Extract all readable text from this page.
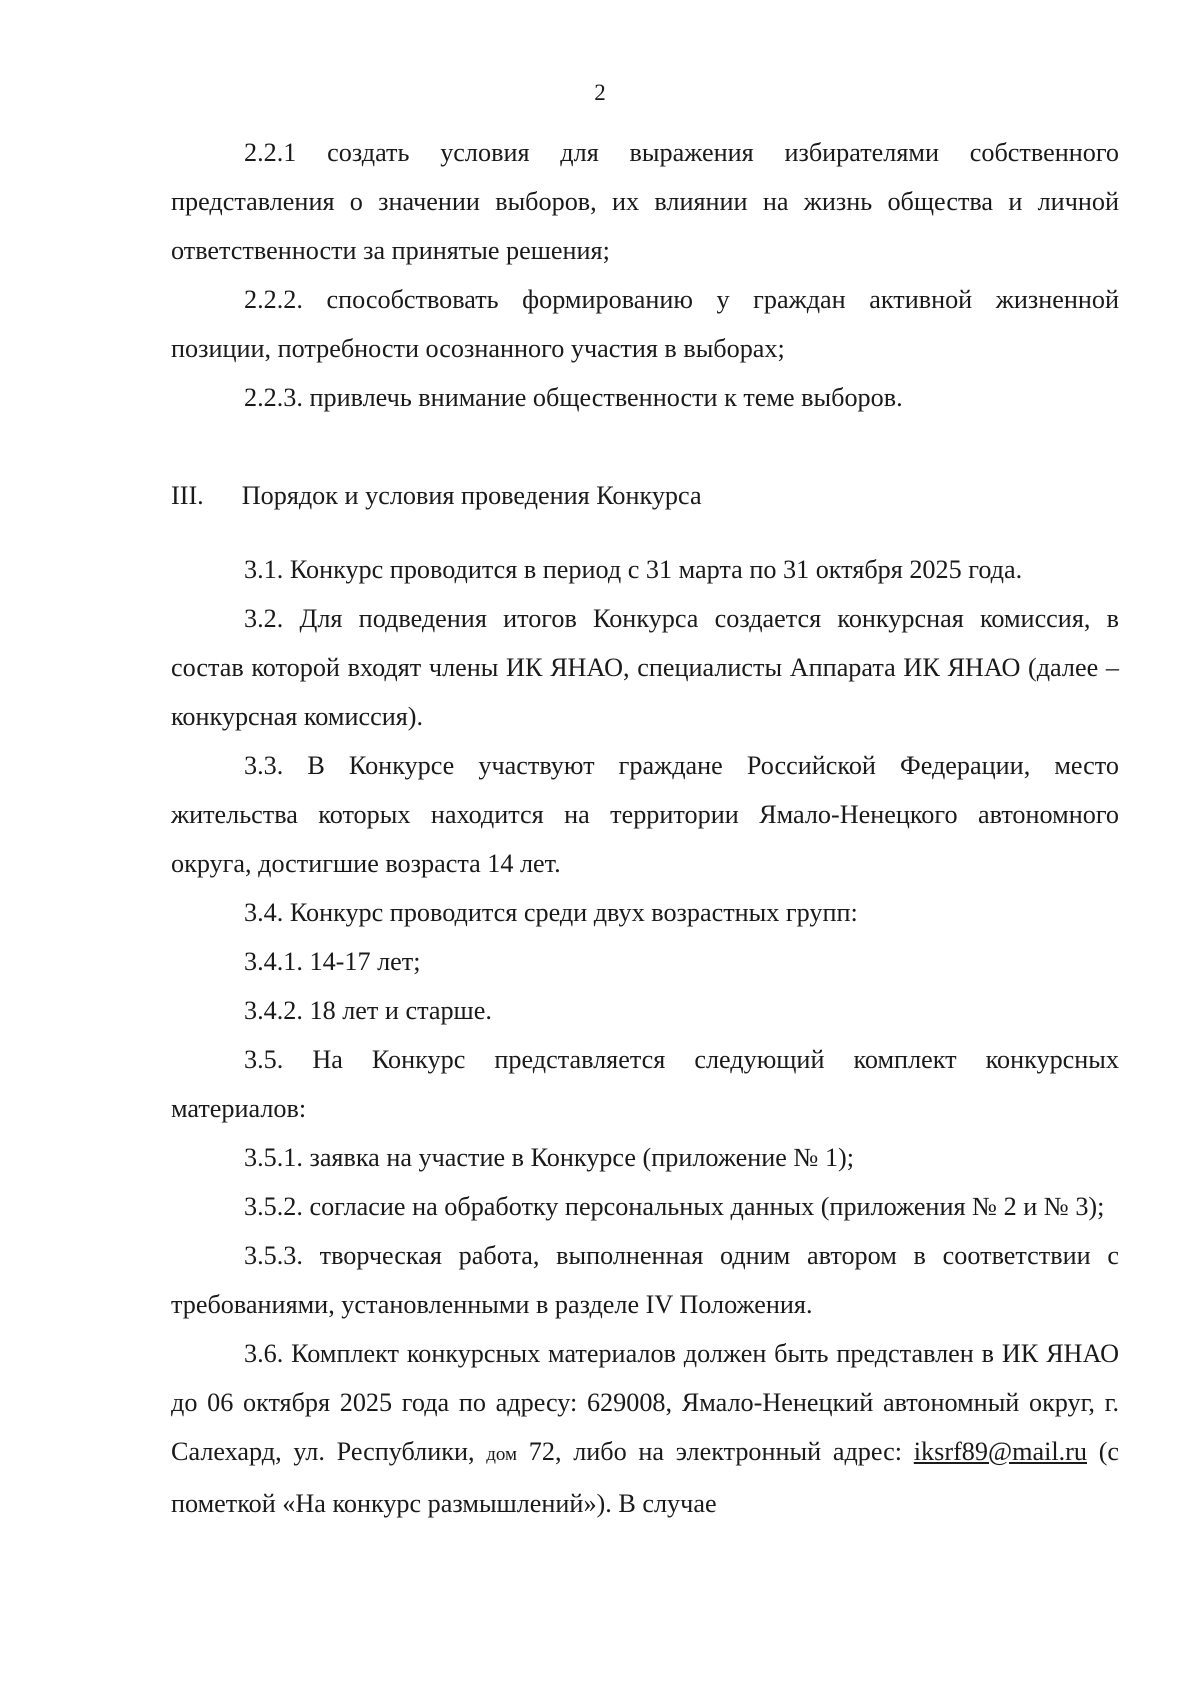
2

2.2.1 создать условия для выражения избирателями собственного представления о значении выборов, их влиянии на жизнь общества и личной ответственности за принятые решения;

2.2.2. способствовать формированию у граждан активной жизненной позиции, потребности осознанного участия в выборах;

2.2.3. привлечь внимание общественности к теме выборов.

III. Порядок и условия проведения Конкурса

3.1. Конкурс проводится в период с 31 марта по 31 октября 2025 года.

3.2. Для подведения итогов Конкурса создается конкурсная комиссия, в состав которой входят члены ИК ЯНАО, специалисты Аппарата ИК ЯНАО (далее – конкурсная комиссия).

3.3. В Конкурсе участвуют граждане Российской Федерации, место жительства которых находится на территории Ямало-Ненецкого автономного округа, достигшие возраста 14 лет.

3.4. Конкурс проводится среди двух возрастных групп:

3.4.1. 14-17 лет;

3.4.2. 18 лет и старше.

3.5. На Конкурс представляется следующий комплект конкурсных материалов:

3.5.1. заявка на участие в Конкурсе (приложение № 1);

3.5.2. согласие на обработку персональных данных (приложения № 2 и № 3);

3.5.3. творческая работа, выполненная одним автором в соответствии с требованиями, установленными в разделе IV Положения.

3.6. Комплект конкурсных материалов должен быть представлен в ИК ЯНАО до 06 октября 2025 года по адресу: 629008, Ямало-Ненецкий автономный округ, г. Салехард, ул. Республики, дом 72, либо на электронный адрес: iksrf89@mail.ru (с пометкой «На конкурс размышлений»). В случае
